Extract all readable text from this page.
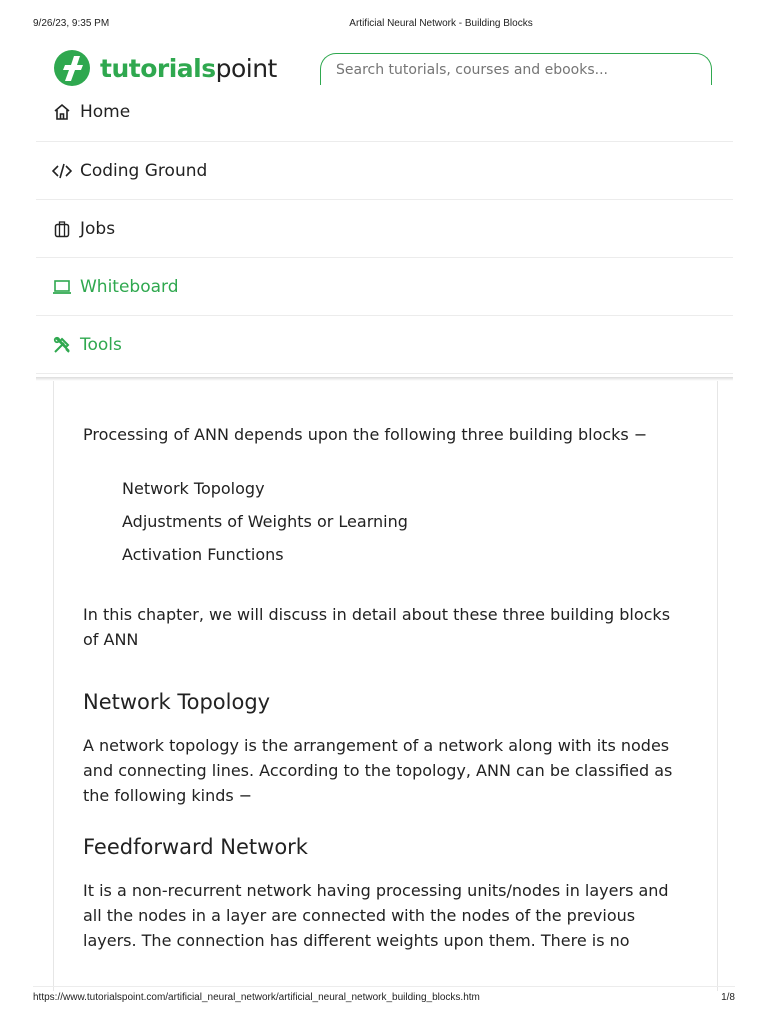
9/26/23, 9:35 PM	Artificial Neural Network - Building Blocks
tutorialspoint
Search tutorials, courses and ebooks...
Home
Coding Ground
Jobs
Whiteboard
Tools

Processing of ANN depends upon the following three building blocks −

Network Topology
Adjustments of Weights or Learning
Activation Functions
In this chapter, we will discuss in detail about these three building blocks
of ANN
Network Topology
A network topology is the arrangement of a network along with its nodes
and connecting lines. According to the topology, ANN can be classified as
the following kinds −
Feedforward Network
It is a non-recurrent network having processing units/nodes in layers and
all the nodes in a layer are connected with the nodes of the previous
layers. The connection has different weights upon them. There is no
https://www.tutorialspoint.com/artificial_neural_network/artificial_neural_network_building_blocks.htm	1/8
